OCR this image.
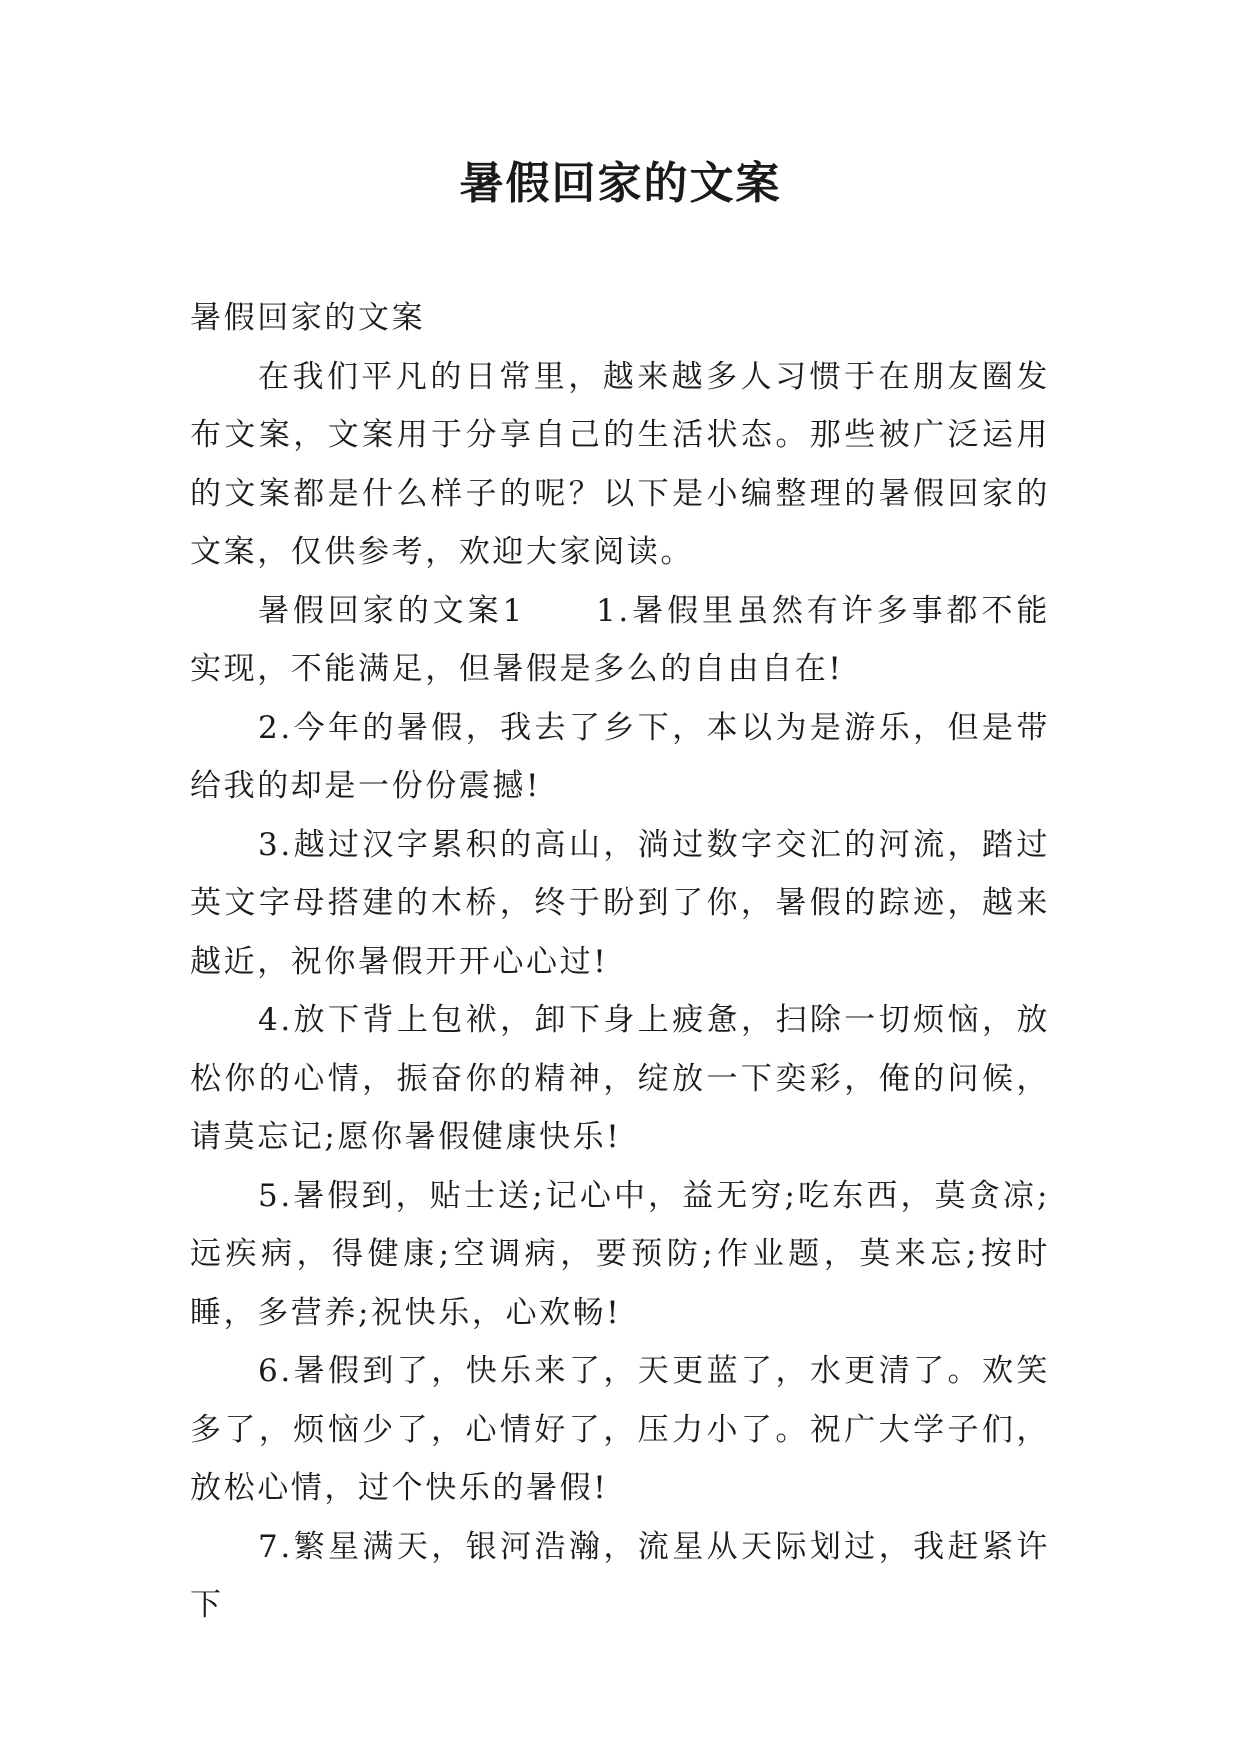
暑假回家的文案

暑假回家的文案

在我们平凡的日常里，越来越多人习惯于在朋友圈发布文案，文案用于分享自己的生活状态。那些被广泛运用的文案都是什么样子的呢？以下是小编整理的暑假回家的文案，仅供参考，欢迎大家阅读。

暑假回家的文案1　　1.暑假里虽然有许多事都不能实现，不能满足，但暑假是多么的自由自在!

2.今年的暑假，我去了乡下，本以为是游乐，但是带给我的却是一份份震撼!

3.越过汉字累积的高山，淌过数字交汇的河流，踏过英文字母搭建的木桥，终于盼到了你，暑假的踪迹，越来越近，祝你暑假开开心心过!

4.放下背上包袱，卸下身上疲惫，扫除一切烦恼，放松你的心情，振奋你的精神，绽放一下奕彩，俺的问候，请莫忘记;愿你暑假健康快乐!

5.暑假到，贴士送;记心中，益无穷;吃东西，莫贪凉;远疾病，得健康;空调病，要预防;作业题，莫来忘;按时睡，多营养;祝快乐，心欢畅!

6.暑假到了，快乐来了，天更蓝了，水更清了。欢笑多了，烦恼少了，心情好了，压力小了。祝广大学子们，放松心情，过个快乐的暑假!

7.繁星满天，银河浩瀚，流星从天际划过，我赶紧许下
